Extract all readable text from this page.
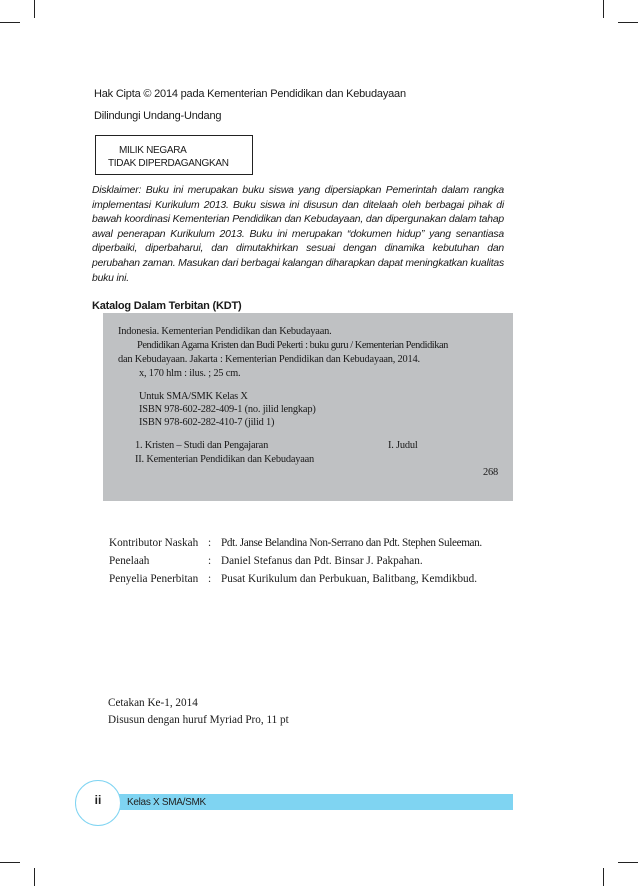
Hak Cipta © 2014 pada Kementerian Pendidikan dan Kebudayaan
Dilindungi Undang-Undang
MILIK NEGARA
TIDAK DIPERDAGANGKAN

Disklaimer: Buku ini merupakan buku siswa yang dipersiapkan Pemerintah dalam rangka implementasi Kurikulum 2013. Buku siswa ini disusun dan ditelaah oleh berbagai pihak di bawah koordinasi Kementerian Pendidikan dan Kebudayaan, dan dipergunakan dalam tahap awal penerapan Kurikulum 2013. Buku ini merupakan “dokumen hidup” yang senantiasa diperbaiki, diperbaharui, dan dimutakhirkan sesuai dengan dinamika kebutuhan dan perubahan zaman. Masukan dari berbagai kalangan diharapkan dapat meningkatkan kualitas buku ini.

Katalog Dalam Terbitan (KDT)
Indonesia. Kementerian Pendidikan dan Kebudayaan.
Pendidikan Agama Kristen dan Budi Pekerti : buku guru / Kementerian Pendidikan
dan Kebudayaan. Jakarta : Kementerian Pendidikan dan Kebudayaan, 2014.
x, 170 hlm : ilus. ; 25 cm.
Untuk SMA/SMK Kelas X
ISBN 978-602-282-409-1 (no. jilid lengkap)
ISBN 978-602-282-410-7 (jilid 1)
1. Kristen – Studi dan Pengajaran	I. Judul
II. Kementerian Pendidikan dan Kebudayaan
268
Kontributor Naskah : Pdt. Janse Belandina Non-Serrano dan Pdt. Stephen Suleeman.
Penelaah	: Daniel Stefanus dan Pdt. Binsar J. Pakpahan.
Penyelia Penerbitan : Pusat Kurikulum dan Perbukuan, Balitbang, Kemdikbud.
Cetakan Ke-1, 2014
Disusun dengan huruf Myriad Pro, 11 pt
ii	Kelas X SMA/SMK
